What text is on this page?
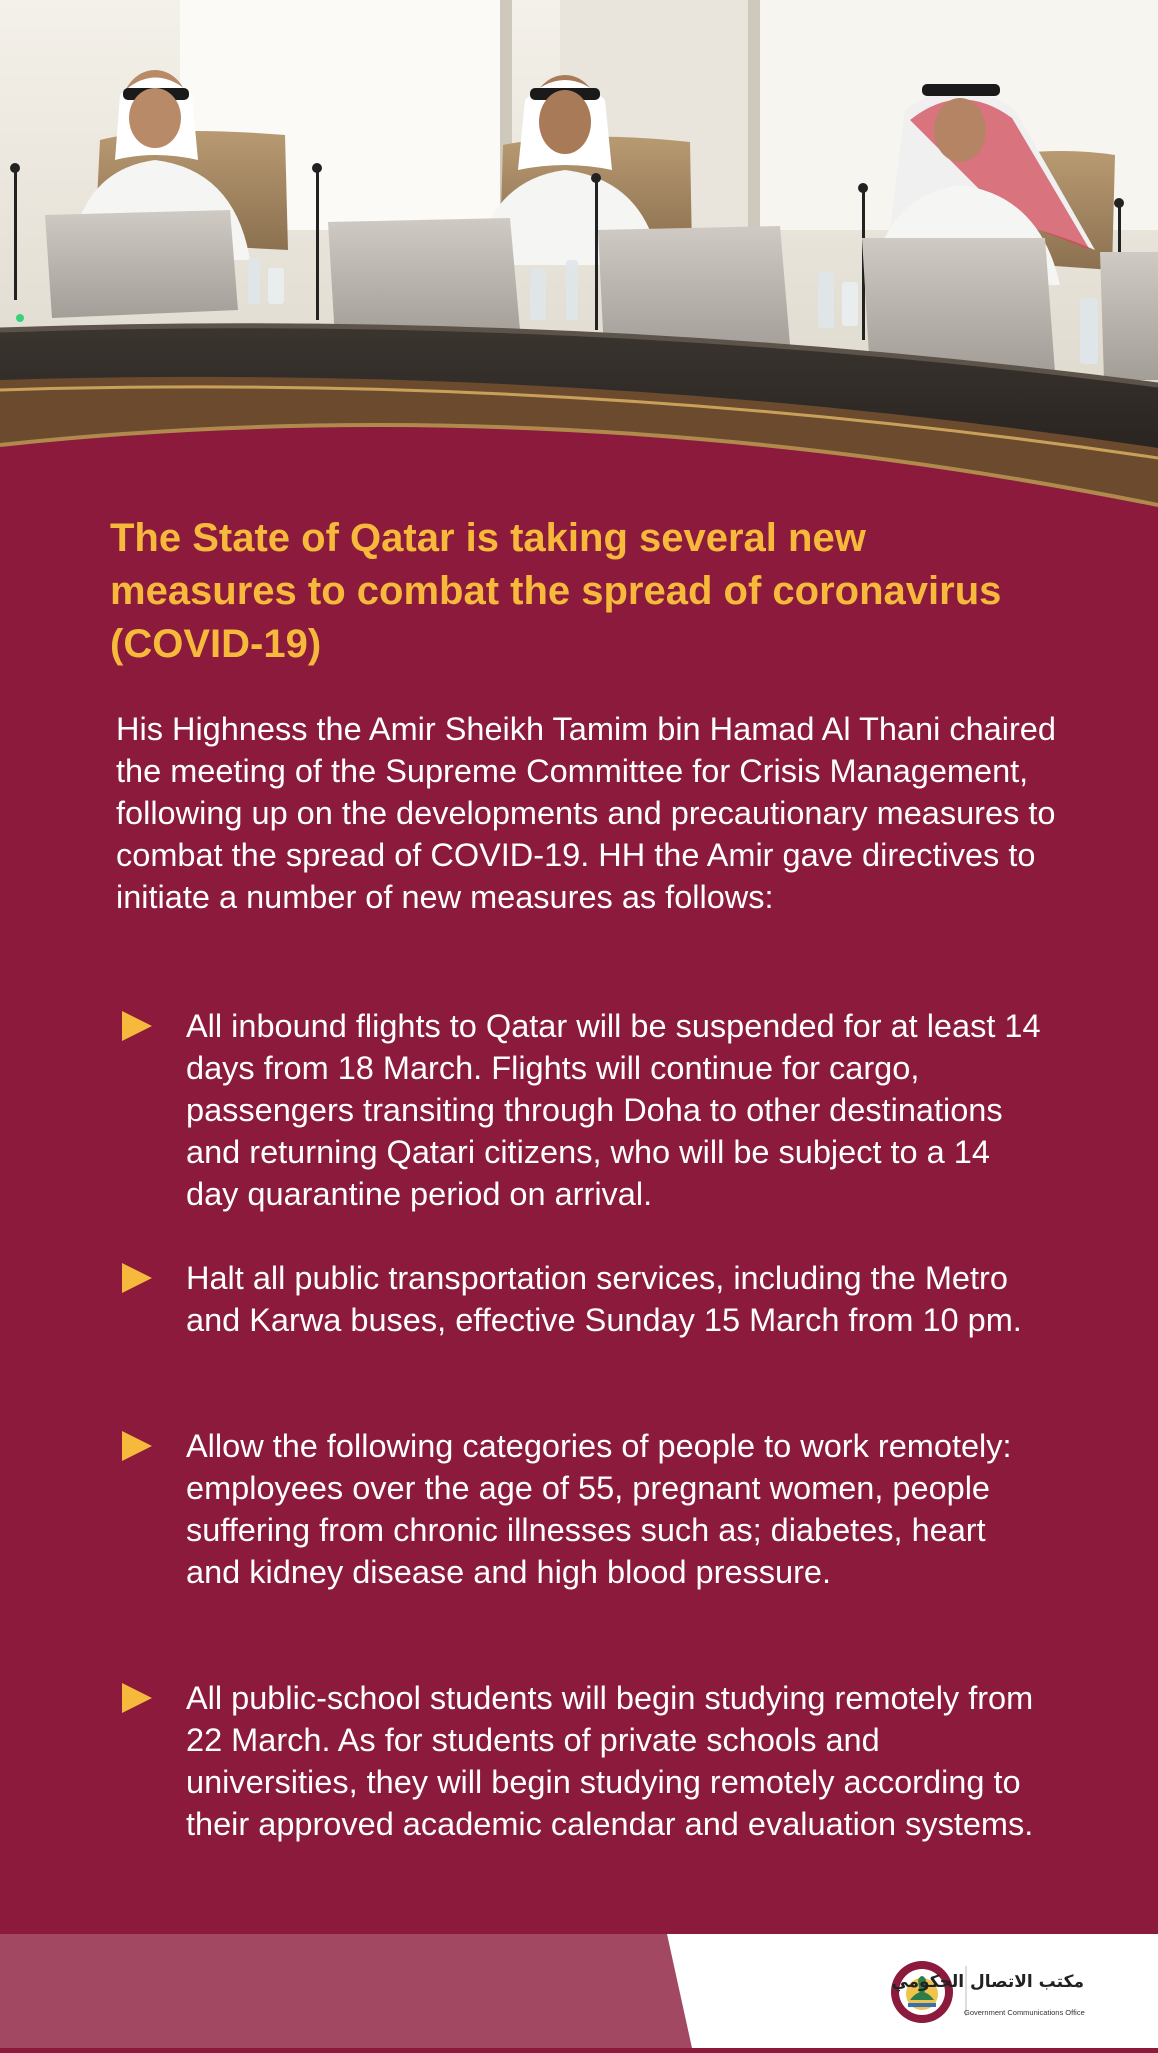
The State of Qatar is taking several new measures to combat the spread of coronavirus (COVID-19)

His Highness the Amir Sheikh Tamim bin Hamad Al Thani chaired the meeting of the Supreme Committee for Crisis Management, following up on the developments and precautionary measures to combat the spread of COVID-19. HH the Amir gave directives to initiate a number of new measures as follows:

All inbound flights to Qatar will be suspended for at least 14 days from 18 March. Flights will continue for cargo, passengers transiting through Doha to other destinations and returning Qatari citizens, who will be subject to a 14 day quarantine period on arrival.

Halt all public transportation services, including the Metro and Karwa buses, effective Sunday 15 March from 10 pm.

Allow the following categories of people to work remotely: employees over the age of 55, pregnant women, people suffering from chronic illnesses such as; diabetes, heart and kidney disease and high blood pressure.

All public-school students will begin studying remotely from 22 March. As for students of private schools and universities, they will begin studying remotely according to their approved academic calendar and evaluation systems.

مكتب الاتصال الحكومي
Government Communications Office
